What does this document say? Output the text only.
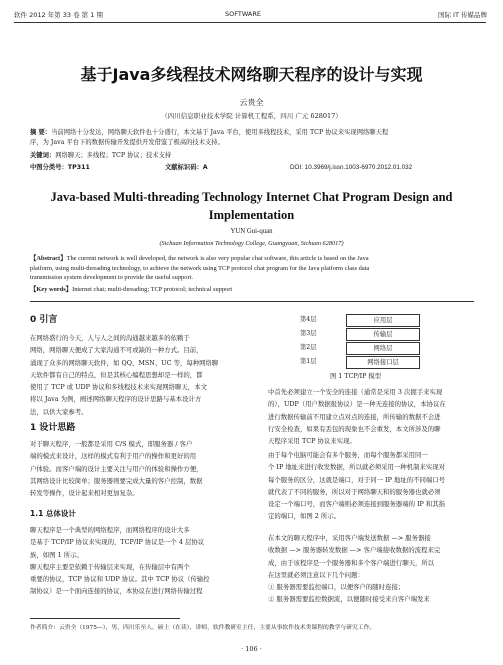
软件 2012 年第 33 卷 第 1 期	SOFTWARE	国际 IT 传媒品牌
基于Java多线程技术网络聊天程序的设计与实现
云贵全
（四川信息职业技术学院 计算机工程系，四川 广元 628017）
摘 要：当前网络十分发达，网络聊天软件也十分盛行，本文基于 Java 平台，使用多线程技术，采用 TCP 协议来实现网络聊天程
序，为 Java 平台下的数据传输开发提供开发借鉴了极高的技术支持。
关键词：网络聊天；多线程；TCP 协议；技术支持
中图分类号：TP311	文献标识码：A	DOI: 10.3969/j.issn.1003-6970.2012.01.032
Java-based Multi-threading Technology Internet Chat Program Design and
Implementation
YUN Gui-quan
(Sichuan Information Technology College, Guangyuan, Sichuan 628017)
【Abstract】The current network is well developed, the network is also very popular chat software, this article is based on the Java
platform, using multi-threading technology, to achieve the network using TCP protocol chat program for the Java platform class data
transmission system development to provide the useful support.
【Key words】Internet chat; multi-threading; TCP protocol; technical support
0 引言
在网络盛行的今天，人与人之间的沟通越来越多的依赖于
网络，网络聊天便成了大家沟通不可或缺的一种方式。目前，
涌现了众多的网络聊天软件，如 QQ、MSN、UC 等，每种网络聊
天软件都有自己的特点，但是其核心编程思想却是一样的，都
使用了 TCP 或 UDP 协议和多线程技术来实现网络聊天，本文
将以 Java 为例，阐述网络聊天程序的设计思路与基本设计方
法，以供大家参考。
1 设计思路
对于聊天程序，一般都是采用 C/S 模式，即服务器 / 客户
端的模式来设计，这样的模式有利于用户的操作和更好的用
户体验。而客户端的设计主要关注与用户的体验和操作方便，
其网络设计比较简单；服务器则要完成大量的客户控制，数据
转发等操作，设计起来相对更加复杂。
1.1 总体设计
聊天程序是一个典型的网络程序，而网络程序的设计大多
是基于 TCP/IP 协议来实现的，TCP/IP 协议是一个 4 层协议
族，如图 1 所示。
聊天程序主要是依赖于传输层来实现，在传输层中有两个
重要的协议，TCP 协议和 UDP 协议。其中 TCP 协议（传输控
制协议）是一个面向连接的协议，本协议在进行网络传输过程
第4层	应用层
第3层	传输层
第2层	网络层
第1层	网络接口层
图 1 TCP/IP 模型
中首先必须建立一个安全的连接（通常是采用 3 次握手来实现
的），UDP（用户数据报协议）是一种无连接的协议，本协议在
进行数据传输前不用建立点对点的连接，所传输的数据不会进
行安全检查，如果有丢包的现象也不会重发，本文所涉及的聊
天程序采用 TCP 协议来实现。
由于每个电脑可能会有多个服务，而每个服务都采用同一
个 IP 地址来进行收发数据，所以就必须采用一种机制来实现对
每个服务的区分，这就是端口，对于同一 IP 地址的不同端口号
就代表了不同的服务，所以对于网络聊天和的服务器也就必须
设定一个端口号，而客户端则必须连接到服务器端的 IP 和其指
定的端口，如图 2 所示。
在本文的聊天程序中，采用客户端发送数据 —> 服务器接
收数据 —> 服务器转发数据 —> 客户端接收数据的流程来完
成，由于该程序是一个服务器和多个客户端进行聊天，所以
在这里就必须注意以下几个问题：
① 服务器需要监控端口，以便客户的随时连接；
② 服务器需要监控数据流，以便随时接受来自客户端发来
作者简介：云贵全（1975—），男，四川乐至人，硕士（在读），讲师，软件教研室主任，主要从事软件技术类课程的教学与研究工作。
· 106 ·
